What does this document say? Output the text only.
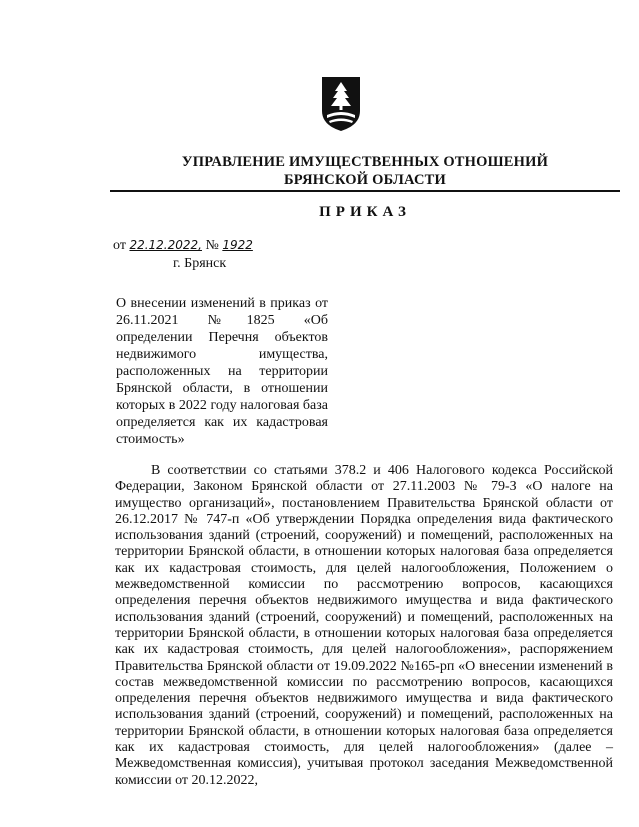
УПРАВЛЕНИЕ ИМУЩЕСТВЕННЫХ ОТНОШЕНИЙ
БРЯНСКОЙ ОБЛАСТИ
ПРИКАЗ
от 22.12.2022, № 1922
г. Брянск
О внесении изменений в приказ от 26.11.2021 №1825 «Об определении Перечня объектов недвижимого имущества, расположенных на территории Брянской области, в отношении которых в 2022 году налоговая база определяется как их кадастровая стоимость»

В соответствии со статьями 378.2 и 406 Налогового кодекса Российской Федерации, Законом Брянской области от 27.11.2003 № 79-З «О налоге на имущество организаций», постановлением Правительства Брянской области от 26.12.2017 № 747-п «Об утверждении Порядка определения вида фактического использования зданий (строений, сооружений) и помещений, расположенных на территории Брянской области, в отношении которых налоговая база определяется как их кадастровая стоимость, для целей налогообложения, Положением о межведомственной комиссии по рассмотрению вопросов, касающихся определения перечня объектов недвижимого имущества и вида фактического использования зданий (строений, сооружений) и помещений, расположенных на территории Брянской области, в отношении которых налоговая база определяется как их кадастровая стоимость, для целей налогообложения», распоряжением Правительства Брянской области от 19.09.2022 №165-рп «О внесении изменений в состав межведомственной комиссии по рассмотрению вопросов, касающихся определения перечня объектов недвижимого имущества и вида фактического использования зданий (строений, сооружений) и помещений, расположенных на территории Брянской области, в отношении которых налоговая база определяется как их кадастровая стоимость, для целей налогообложения» (далее – Межведомственная комиссия), учитывая протокол заседания Межведомственной комиссии от 20.12.2022,
